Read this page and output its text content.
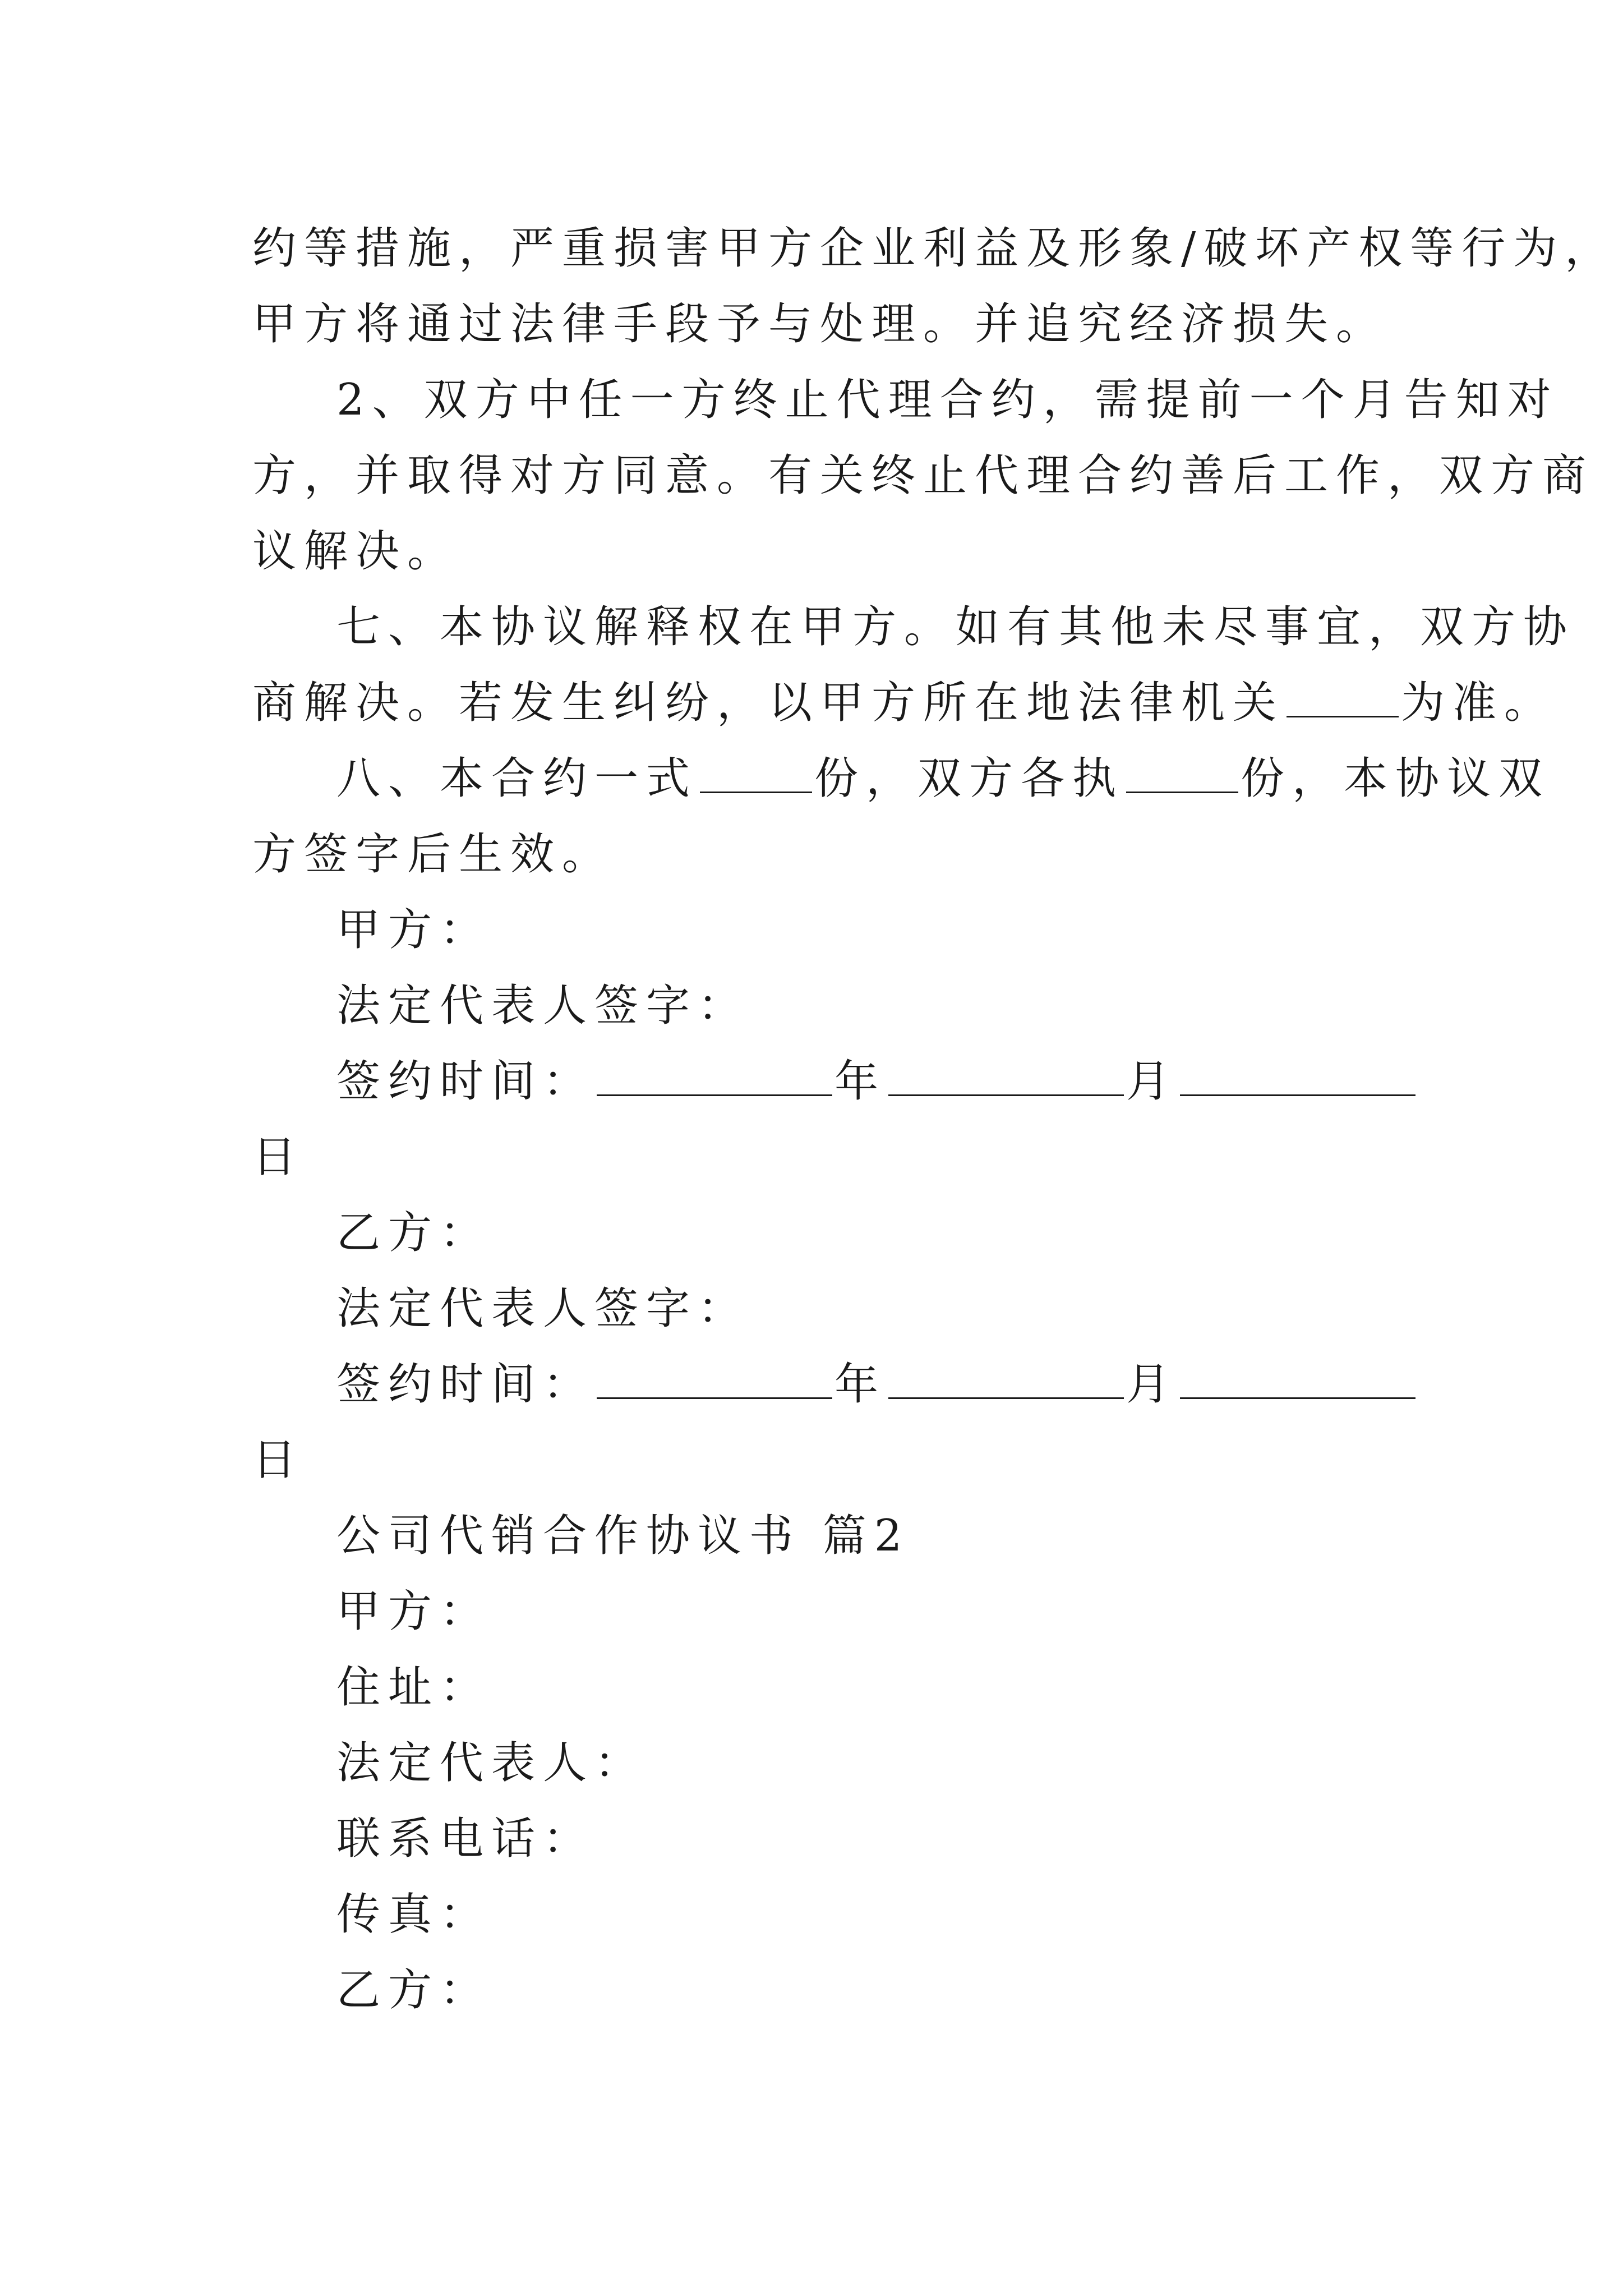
约等措施，严重损害甲方企业利益及形象/破坏产权等行为，
甲方将通过法律手段予与处理。并追究经济损失。
2、双方中任一方终止代理合约，需提前一个月告知对
方，并取得对方同意。有关终止代理合约善后工作，双方商
议解决。
七、本协议解释权在甲方。如有其他未尽事宜，双方协
商解决。若发生纠纷，以甲方所在地法律机关	为准。
八、本合约一式	份，双方各执	份，本协议双
方签字后生效。
甲方：
法定代表人签字：
签约时间：	年	月
日
乙方：
法定代表人签字：
签约时间：	年	月
日
公司代销合作协议书 篇2
甲方：
住址：
法定代表人：
联系电话：
传真：
乙方：
